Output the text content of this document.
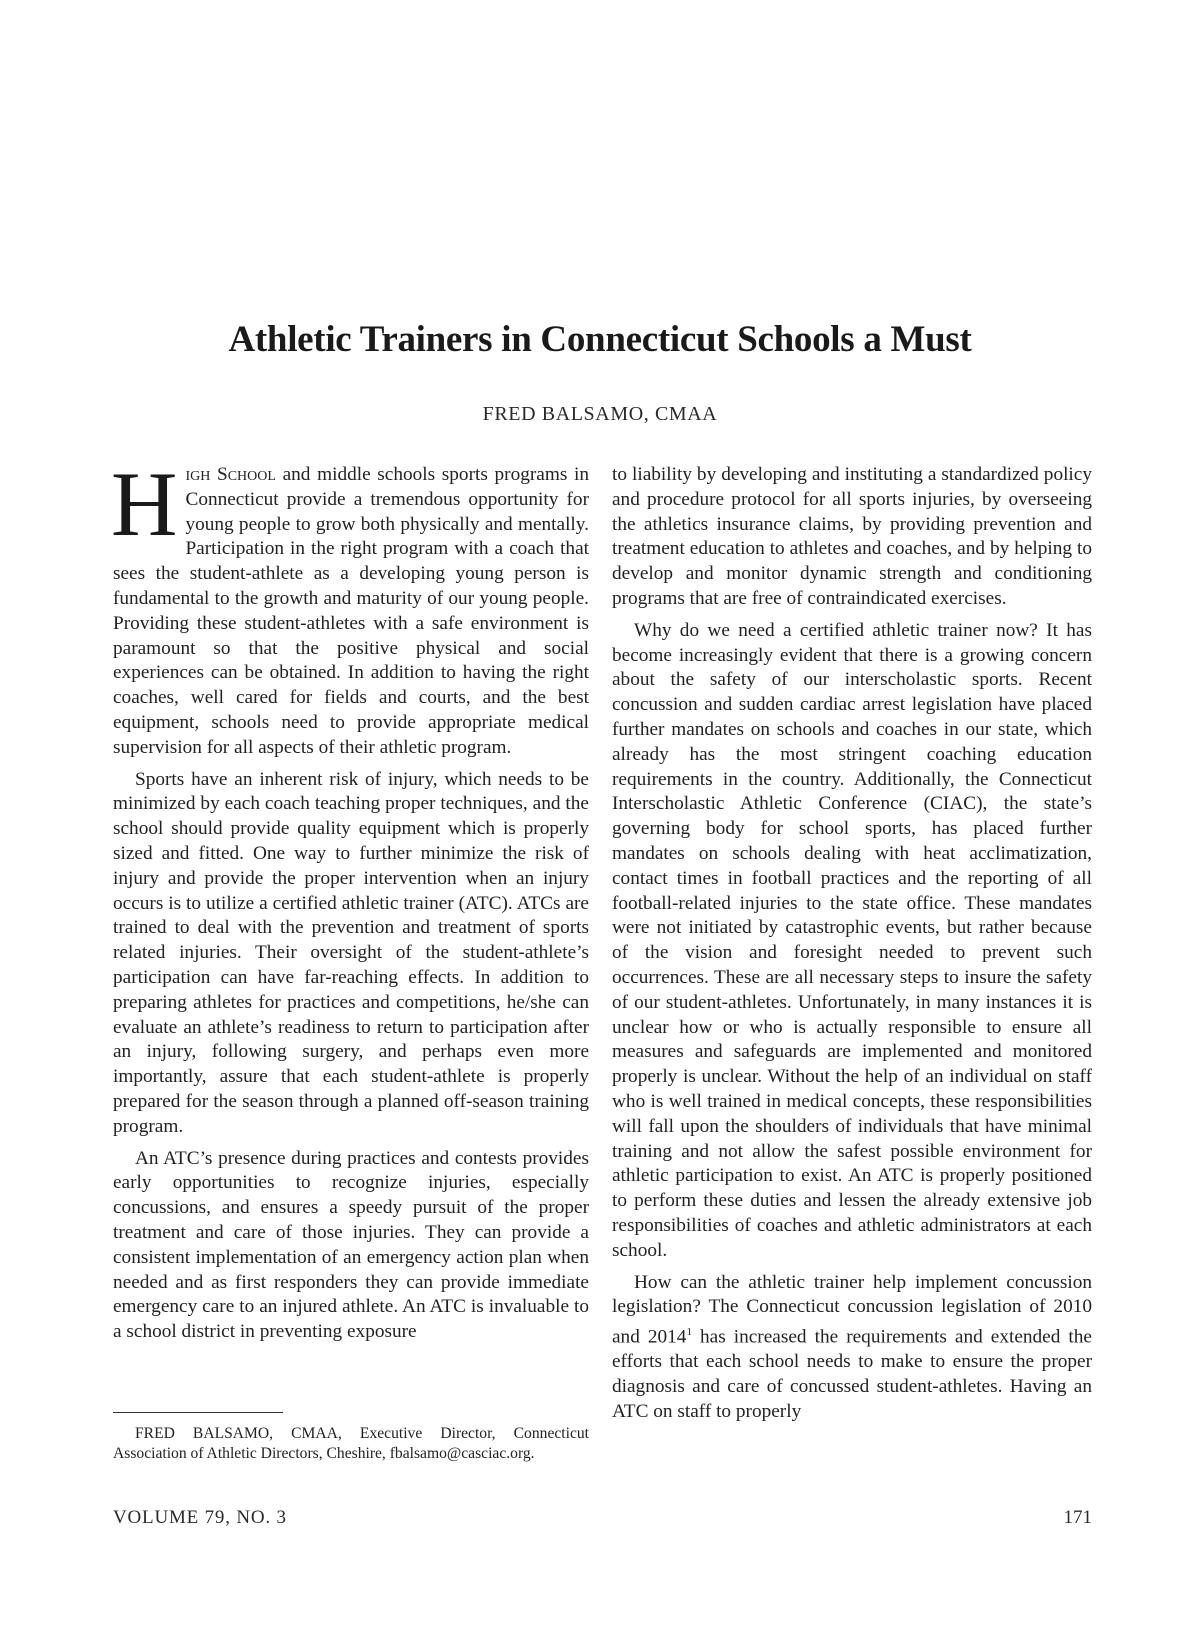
Athletic Trainers in Connecticut Schools a Must

FRED BALSAMO, CMAA

High School and middle schools sports programs in Connecticut provide a tremendous opportunity for young people to grow both physically and mentally. Participation in the right program with a coach that sees the student-athlete as a developing young person is fundamental to the growth and maturity of our young people. Providing these student-athletes with a safe environment is paramount so that the positive physical and social experiences can be obtained. In addition to having the right coaches, well cared for fields and courts, and the best equipment, schools need to provide appropriate medical supervision for all aspects of their athletic program.

Sports have an inherent risk of injury, which needs to be minimized by each coach teaching proper techniques, and the school should provide quality equipment which is properly sized and fitted. One way to further minimize the risk of injury and provide the proper intervention when an injury occurs is to utilize a certified athletic trainer (ATC). ATCs are trained to deal with the prevention and treatment of sports related injuries. Their oversight of the student-athlete’s participation can have far-reaching effects. In addition to preparing athletes for practices and competitions, he/she can evaluate an athlete’s readiness to return to participation after an injury, following surgery, and perhaps even more importantly, assure that each student-athlete is properly prepared for the season through a planned off-season training program.

An ATC’s presence during practices and contests provides early opportunities to recognize injuries, especially concussions, and ensures a speedy pursuit of the proper treatment and care of those injuries. They can provide a consistent implementation of an emergency action plan when needed and as first responders they can provide immediate emergency care to an injured athlete. An ATC is invaluable to a school district in preventing exposure

to liability by developing and instituting a standardized policy and procedure protocol for all sports injuries, by overseeing the athletics insurance claims, by providing prevention and treatment education to athletes and coaches, and by helping to develop and monitor dynamic strength and conditioning programs that are free of contraindicated exercises.

Why do we need a certified athletic trainer now? It has become increasingly evident that there is a growing concern about the safety of our interscholastic sports. Recent concussion and sudden cardiac arrest legislation have placed further mandates on schools and coaches in our state, which already has the most stringent coaching education requirements in the country. Additionally, the Connecticut Interscholastic Athletic Conference (CIAC), the state’s governing body for school sports, has placed further mandates on schools dealing with heat acclimatization, contact times in football practices and the reporting of all football-related injuries to the state office. These mandates were not initiated by catastrophic events, but rather because of the vision and foresight needed to prevent such occurrences. These are all necessary steps to insure the safety of our student-athletes. Unfortunately, in many instances it is unclear how or who is actually responsible to ensure all measures and safeguards are implemented and monitored properly is unclear. Without the help of an individual on staff who is well trained in medical concepts, these responsibilities will fall upon the shoulders of individuals that have minimal training and not allow the safest possible environment for athletic participation to exist. An ATC is properly positioned to perform these duties and lessen the already extensive job responsibilities of coaches and athletic administrators at each school.

How can the athletic trainer help implement concussion legislation? The Connecticut concussion legislation of 2010 and 2014$^1$ has increased the requirements and extended the efforts that each school needs to make to ensure the proper diagnosis and care of concussed student-athletes. Having an ATC on staff to properly

FRED BALSAMO, CMAA, Executive Director, Connecticut Association of Athletic Directors, Cheshire, fbalsamo@casciac.org.

VOLUME 79, NO. 3	171
